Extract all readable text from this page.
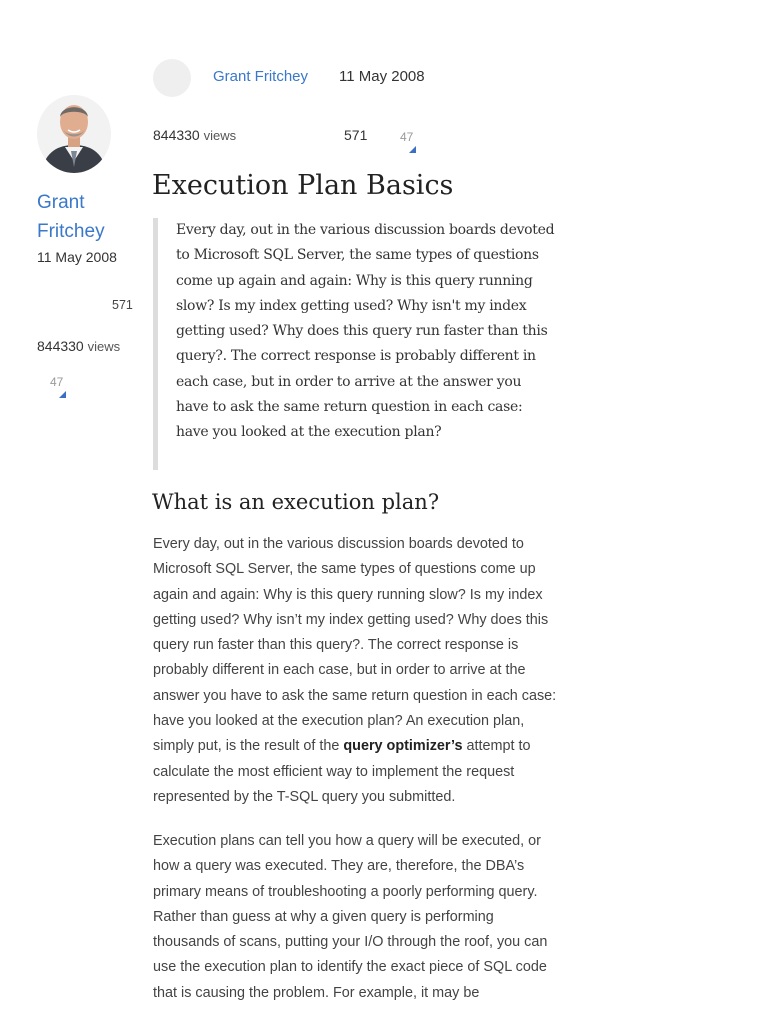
Grant Fritchey 11 May 2008
844330 views	571	47
Grant
Fritchey
11 May 2008
571
844330 views
47
Execution Plan Basics

Every day, out in the various discussion boards devoted to Microsoft SQL Server, the same types of questions come up again and again: Why is this query running slow? Is my index getting used? Why isn't my index getting used? Why does this query run faster than this query?. The correct response is probably different in each case, but in order to arrive at the answer you have to ask the same return question in each case: have you looked at the execution plan?

What is an execution plan?

Every day, out in the various discussion boards devoted to Microsoft SQL Server, the same types of questions come up again and again: Why is this query running slow? Is my index getting used? Why isn’t my index getting used? Why does this query run faster than this query?. The correct response is probably different in each case, but in order to arrive at the answer you have to ask the same return question in each case: have you looked at the execution plan? An execution plan, simply put, is the result of the query optimizer’s attempt to calculate the most efficient way to implement the request represented by the T-SQL query you submitted.

Execution plans can tell you how a query will be executed, or how a query was executed. They are, therefore, the DBA’s primary means of troubleshooting a poorly performing query. Rather than guess at why a given query is performing thousands of scans, putting your I/O through the roof, you can use the execution plan to identify the exact piece of SQL code that is causing the problem. For example, it may be
